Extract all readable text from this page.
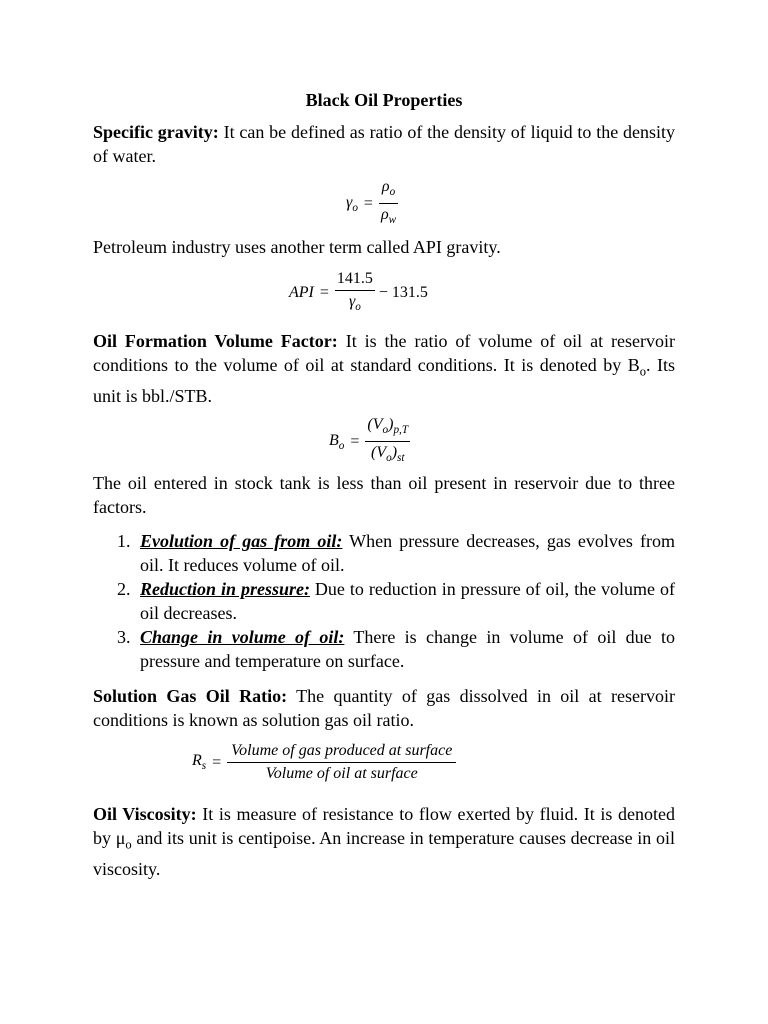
Black Oil Properties
Specific gravity: It can be defined as ratio of the density of liquid to the density of water.
$\gamma_o = \frac{\rho_o}{\rho_w}$
Petroleum industry uses another term called API gravity.
API = $\frac{141.5}{\gamma_o} - 131.5$
Oil Formation Volume Factor: It is the ratio of volume of oil at reservoir conditions to the volume of oil at standard conditions. It is denoted by $B_o$. Its unit is bbl./STB.
$B_o = \frac{(V_o)_{p,T}}{(V_o)_{st}}$
The oil entered in stock tank is less than oil present in reservoir due to three factors.
1. Evolution of gas from oil: When pressure decreases, gas evolves from oil. It reduces volume of oil.
2. Reduction in pressure: Due to reduction in pressure of oil, the volume of oil decreases.
3. Change in volume of oil: There is change in volume of oil due to pressure and temperature on surface.
Solution Gas Oil Ratio: The quantity of gas dissolved in oil at reservoir conditions is known as solution gas oil ratio.
$R_s = \frac{\text{Volume of gas produced at surface}}{\text{Volume of oil at surface}}$
Oil Viscosity: It is measure of resistance to flow exerted by fluid. It is denoted by $\mu_o$ and its unit is centipoise. An increase in temperature causes decrease in oil viscosity.
